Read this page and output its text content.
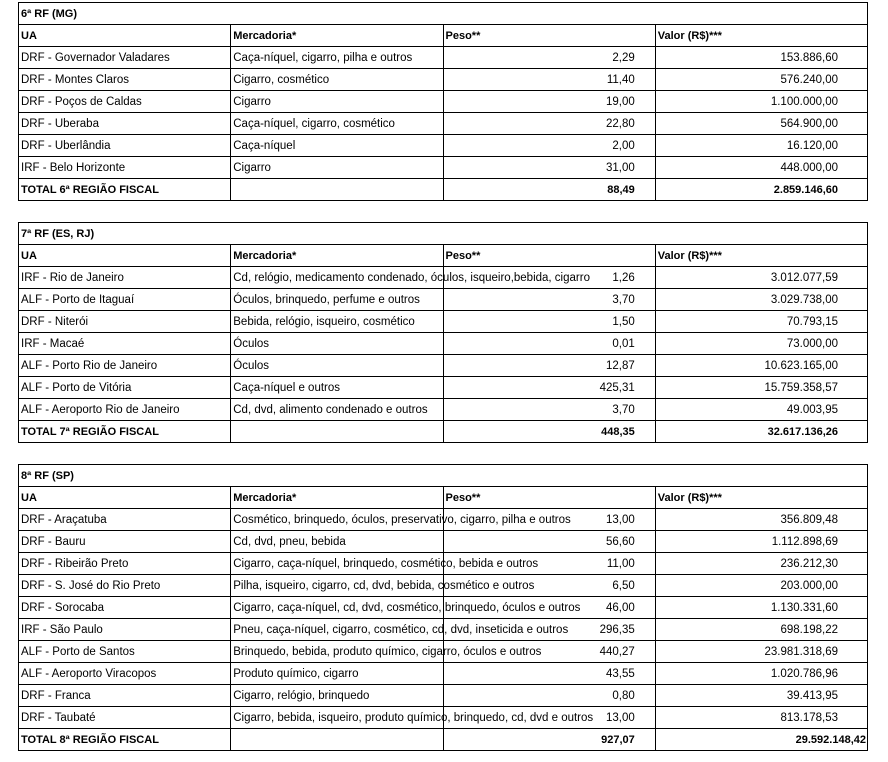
6ª RF (MG)			
UA	Mercadoria*	Peso**	Valor (R$)***
DRF - Governador Valadares	Caça-níquel, cigarro, pilha e outros	2,29	153.886,60
DRF - Montes Claros	Cigarro, cosmético	11,40	576.240,00
DRF - Poços de Caldas	Cigarro	19,00	1.100.000,00
DRF - Uberaba	Caça-níquel, cigarro, cosmético	22,80	564.900,00
DRF - Uberlândia	Caça-níquel	2,00	16.120,00
IRF - Belo Horizonte	Cigarro	31,00	448.000,00
TOTAL 6ª REGIÃO FISCAL		88,49	2.859.146,60
7ª RF (ES, RJ)			
UA	Mercadoria*	Peso**	Valor (R$)***
IRF - Rio de Janeiro	Cd, relógio, medicamento condenado, óculos, isqueiro,bebida, cigarro	1,26	3.012.077,59
ALF - Porto de Itaguaí	Óculos, brinquedo, perfume e outros	3,70	3.029.738,00
DRF - Niterói	Bebida, relógio, isqueiro, cosmético	1,50	70.793,15
IRF - Macaé	Óculos	0,01	73.000,00
ALF - Porto Rio de Janeiro	Óculos	12,87	10.623.165,00
ALF - Porto de Vitória	Caça-níquel e outros	425,31	15.759.358,57
ALF - Aeroporto Rio de Janeiro	Cd, dvd, alimento condenado e outros	3,70	49.003,95
TOTAL 7ª REGIÃO FISCAL		448,35	32.617.136,26
8ª RF (SP)			
UA	Mercadoria*	Peso**	Valor (R$)***
DRF - Araçatuba	Cosmético, brinquedo, óculos, preservativo, cigarro, pilha e outros	13,00	356.809,48
DRF - Bauru	Cd, dvd, pneu, bebida	56,60	1.112.898,69
DRF - Ribeirão Preto	Cigarro, caça-níquel, brinquedo, cosmético, bebida e outros	11,00	236.212,30
DRF - S. José do Rio Preto	Pilha, isqueiro, cigarro, cd, dvd, bebida, cosmético e outros	6,50	203.000,00
DRF - Sorocaba	Cigarro, caça-níquel, cd, dvd, cosmético, brinquedo, óculos e outros	46,00	1.130.331,60
IRF - São Paulo	Pneu, caça-níquel, cigarro, cosmético, cd, dvd, inseticida e outros	296,35	698.198,22
ALF - Porto de Santos	Brinquedo, bebida, produto químico, cigarro, óculos e outros	440,27	23.981.318,69
ALF - Aeroporto Viracopos	Produto químico, cigarro	43,55	1.020.786,96
DRF - Franca	Cigarro, relógio, brinquedo	0,80	39.413,95
DRF - Taubaté	Cigarro, bebida, isqueiro, produto químico, brinquedo, cd, dvd e outros	13,00	813.178,53
TOTAL 8ª REGIÃO FISCAL		927,07	29.592.148,42
